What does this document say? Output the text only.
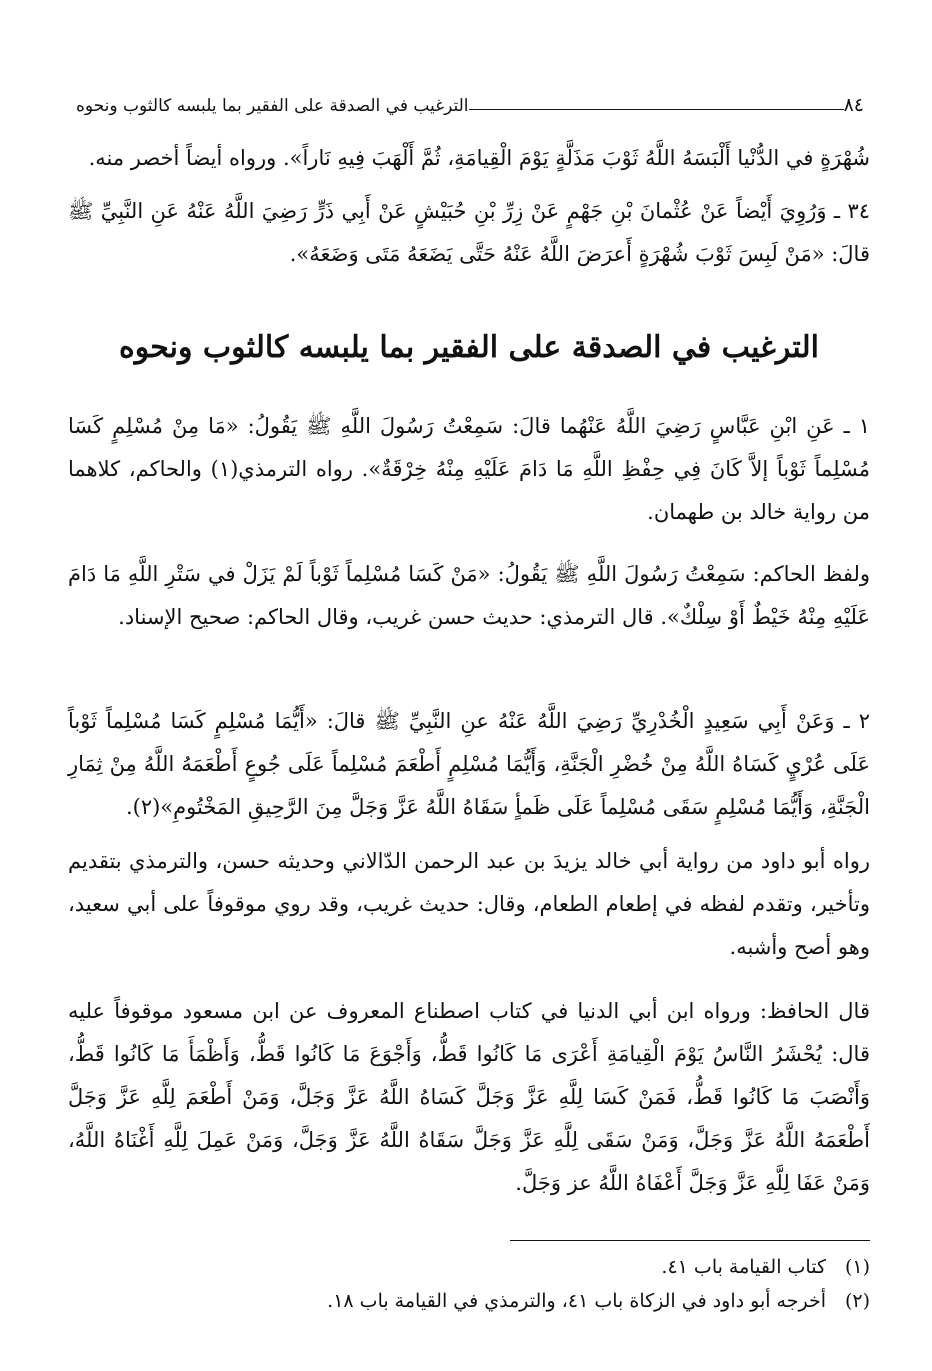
٨٤
الترغيب في الصدقة على الفقير بما يلبسه كالثوب ونحوه

شُهْرَةٍ في الدُّنْيا أَلْبَسَهُ اللَّهُ ثَوْبَ مَذَلَّةٍ يَوْمَ الْقِيامَةِ، ثُمَّ أَلْهَبَ فِيهِ نَاراً». ورواه أيضاً أخصر منه.

٣٤ ـ وَرُوِيَ أَيْضاً عَنْ عُثْمانَ بْنِ جَهْمٍ عَنْ زِرِّ بْنِ حُبَيْشٍ عَنْ أَبِي ذَرٍّ رَضِيَ اللَّهُ عَنْهُ عَنِ النَّبِيِّ ﷺ قالَ: «مَنْ لَبِسَ ثَوْبَ شُهْرَةٍ أَعرَضَ اللَّهُ عَنْهُ حَتَّى يَضَعَهُ مَتَى وَضَعَهُ».

الترغيب في الصدقة على الفقير بما يلبسه كالثوب ونحوه

١ ـ عَنِ ابْنِ عَبَّاسٍ رَضِيَ اللَّهُ عَنْهُما قالَ: سَمِعْتُ رَسُولَ اللَّهِ ﷺ يَقُولُ: «مَا مِنْ مُسْلِمٍ كَسَا مُسْلِماً ثَوْباً إلاَّ كَانَ فِي حِفْظِ اللَّهِ مَا دَامَ عَلَيْهِ مِنْهُ خِرْقَةٌ». رواه الترمذي(١) والحاكم، كلاهما من رواية خالد بن طهمان.

ولفظ الحاكم: سَمِعْتُ رَسُولَ اللَّهِ ﷺ يَقُولُ: «مَنْ كَسَا مُسْلِماً ثَوْباً لَمْ يَزَلْ في سَتْرِ اللَّهِ مَا دَامَ عَلَيْهِ مِنْهُ خَيْطٌ أَوْ سِلْكٌ». قال الترمذي: حديث حسن غريب، وقال الحاكم: صحيح الإسناد.

٢ ـ وَعَنْ أَبِي سَعِيدٍ الْخُدْرِيِّ رَضِيَ اللَّهُ عَنْهُ عنِ النَّبِيِّ ﷺ قالَ: «أَيُّمَا مُسْلِمٍ كَسَا مُسْلِماً ثَوْباً عَلَى عُرْيٍ كَسَاهُ اللَّهُ مِنْ خُضْرِ الْجَنَّةِ، وَأَيُّمَا مُسْلِمٍ أَطْعَمَ مُسْلِماً عَلَى جُوعٍ أَطْعَمَهُ اللَّهُ مِنْ ثِمَارِ الْجَنَّةِ، وَأَيُّمَا مُسْلِمٍ سَقَى مُسْلِماً عَلَى ظَمأٍ سَقَاهُ اللَّهُ عَزَّ وَجَلَّ مِنَ الرَّحِيقِ المَخْتُومِ»(٢).

رواه أبو داود من رواية أبي خالد يزيدَ بن عبد الرحمن الدّالاني وحديثه حسن، والترمذي بتقديم وتأخير، وتقدم لفظه في إطعام الطعام، وقال: حديث غريب، وقد روي موقوفاً على أبي سعيد، وهو أصح وأشبه.

قال الحافظ: ورواه ابن أبي الدنيا في كتاب اصطناع المعروف عن ابن مسعود موقوفاً عليه قال: يُحْشَرُ النَّاسُ يَوْمَ الْقِيامَةِ أَعْرَى مَا كَانُوا قَطُّ، وَأَجْوَعَ مَا كَانُوا قَطُّ، وَأَظْمَأَ مَا كَانُوا قَطُّ، وَأَنْصَبَ مَا كَانُوا قَطُّ، فَمَنْ كَسَا لِلَّهِ عَزَّ وَجَلَّ كَسَاهُ اللَّهُ عَزَّ وَجَلَّ، وَمَنْ أَطْعَمَ لِلَّهِ عَزَّ وَجَلَّ أَطْعَمَهُ اللَّهُ عَزَّ وَجَلَّ، وَمَنْ سَقَى لِلَّهِ عَزَّ وَجَلَّ سَقَاهُ اللَّهُ عَزَّ وَجَلَّ، وَمَنْ عَمِلَ لِلَّهِ أَغْنَاهُ اللَّهُ، وَمَنْ عَفَا لِلَّهِ عَزَّ وَجَلَّ أَعْفَاهُ اللَّهُ عز وَجَلَّ.

(١)
كتاب القيامة باب ٤١.
(٢)
أخرجه أبو داود في الزكاة باب ٤١، والترمذي في القيامة باب ١٨.
